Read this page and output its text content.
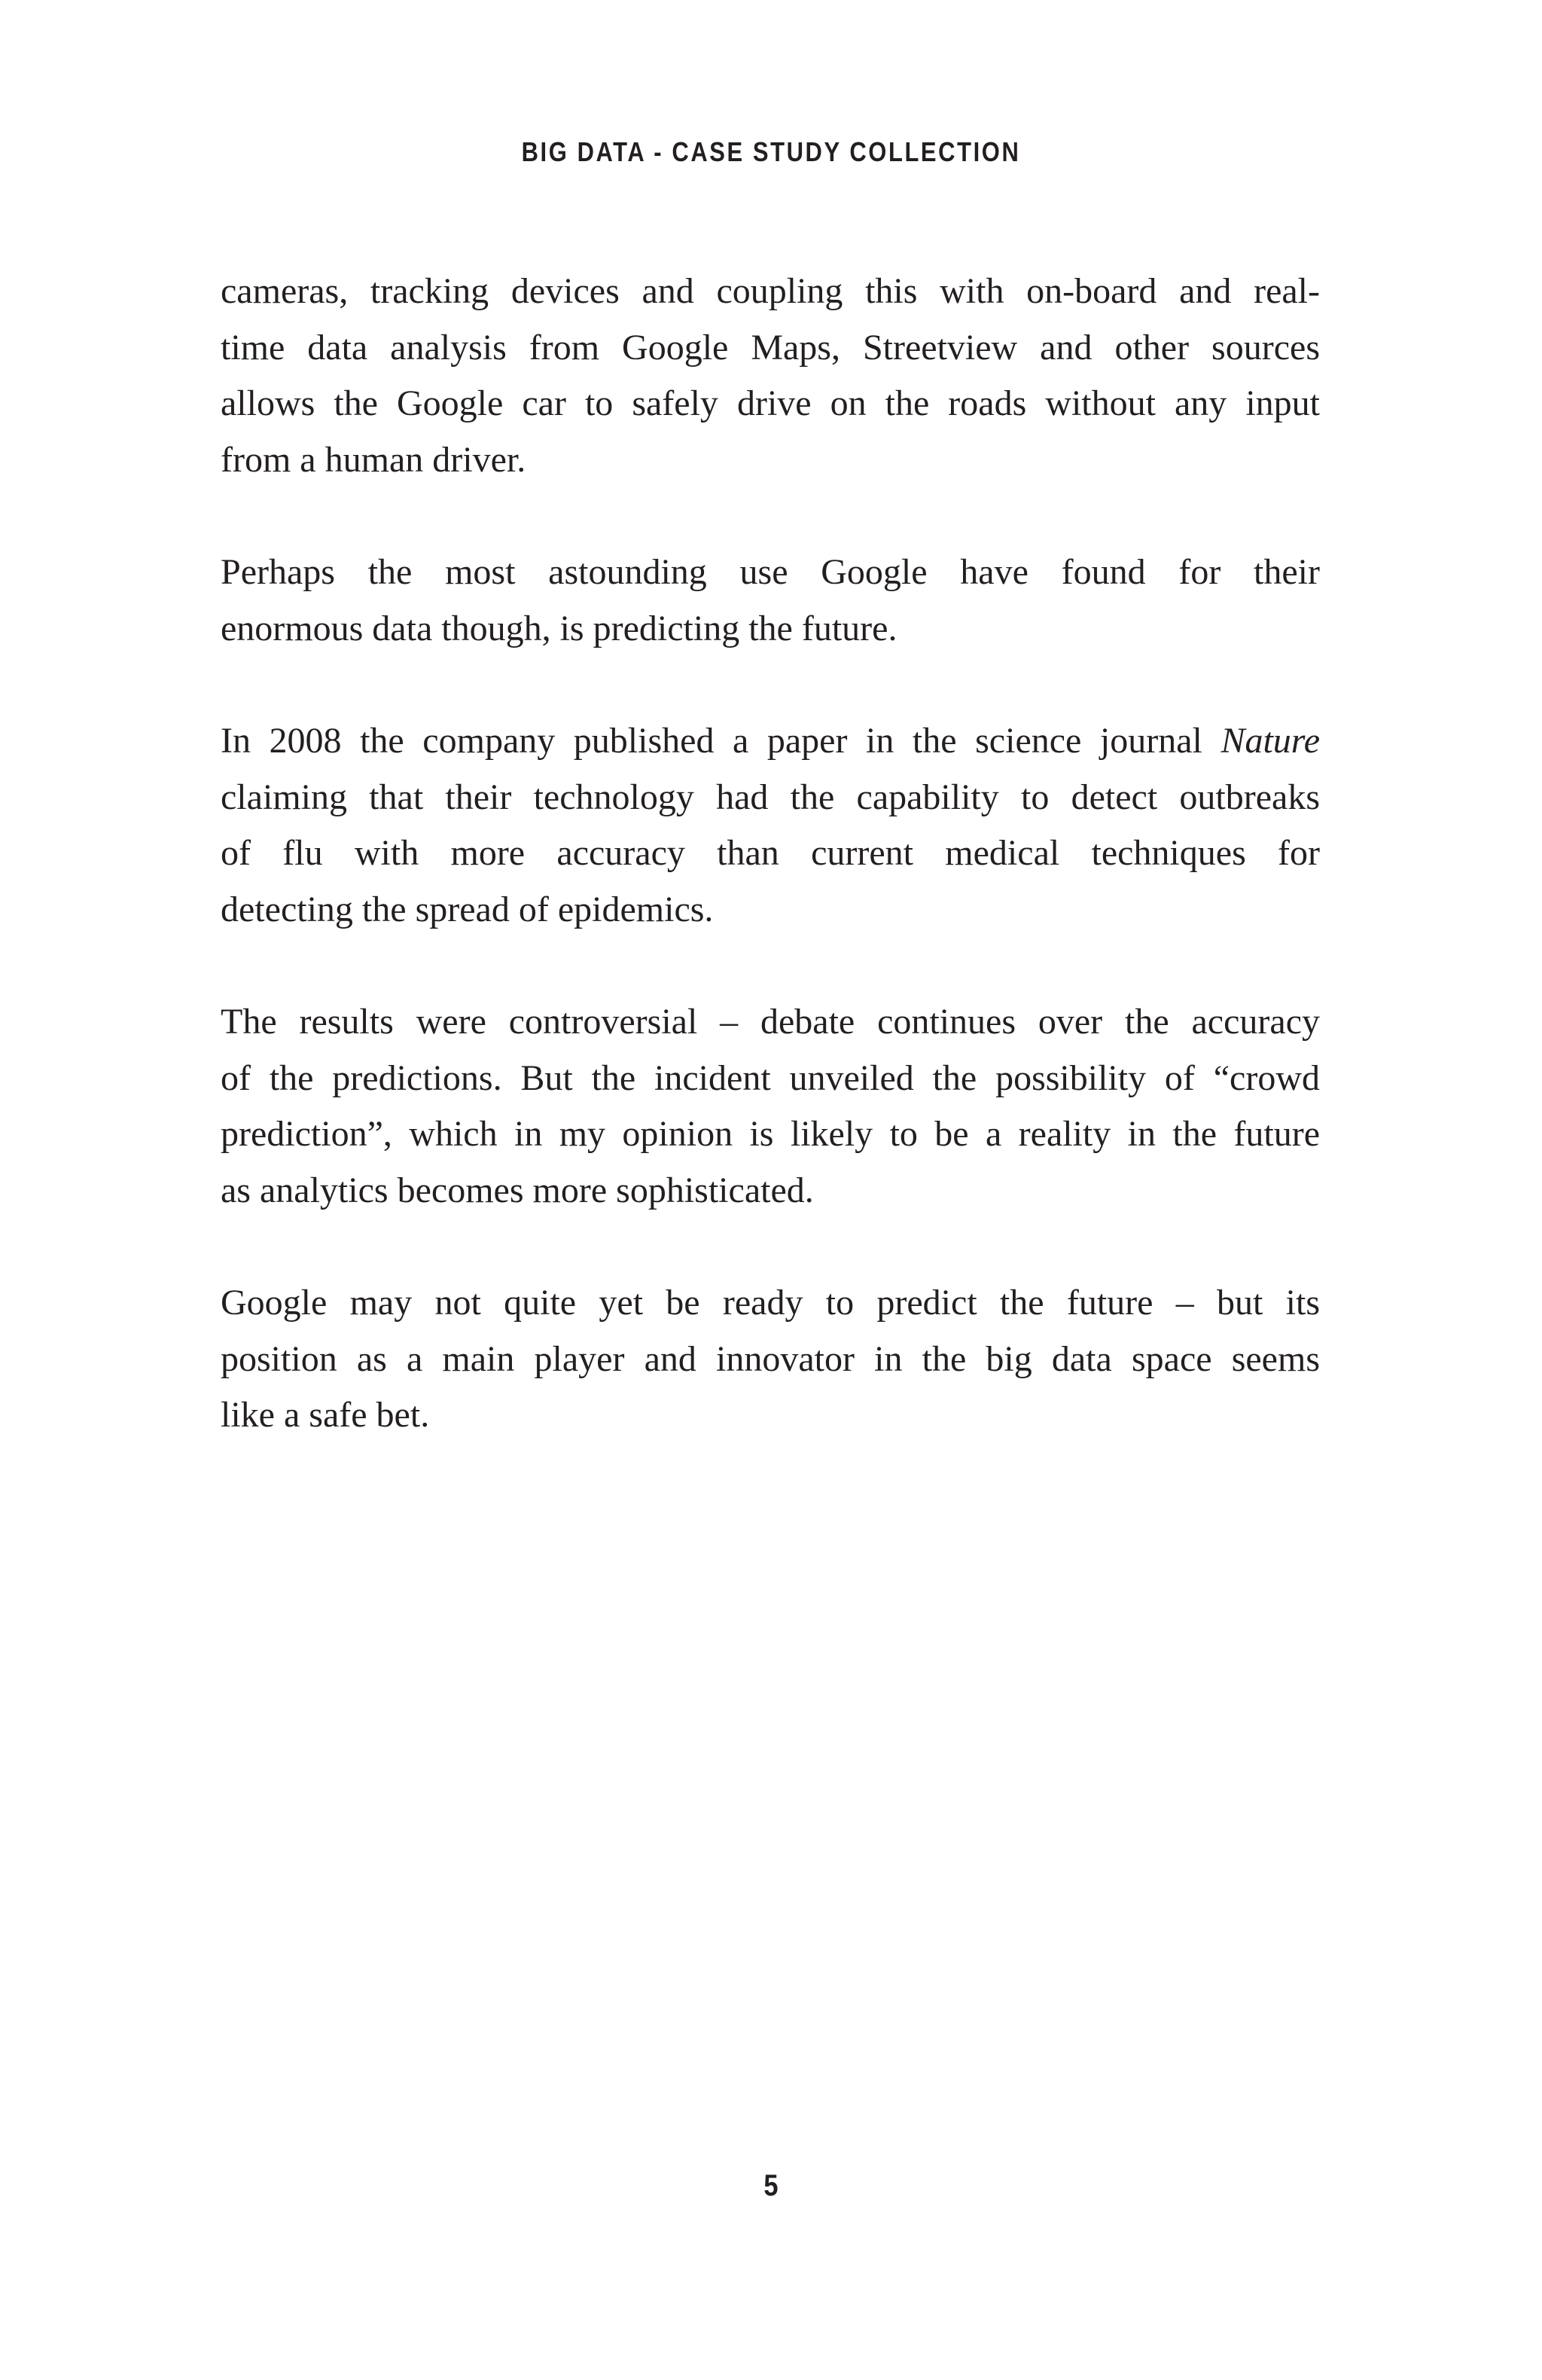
BIG DATA - CASE STUDY COLLECTION

cameras, tracking devices and coupling this with on-board and real-
time data analysis from Google Maps, Streetview and other sources
allows the Google car to safely drive on the roads without any input
from a human driver.

Perhaps the most astounding use Google have found for their
enormous data though, is predicting the future.

In 2008 the company published a paper in the science journal Nature
claiming that their technology had the capability to detect outbreaks
of flu with more accuracy than current medical techniques for
detecting the spread of epidemics.

The results were controversial – debate continues over the accuracy
of the predictions. But the incident unveiled the possibility of “crowd
prediction”, which in my opinion is likely to be a reality in the future
as analytics becomes more sophisticated.

Google may not quite yet be ready to predict the future – but its
position as a main player and innovator in the big data space seems
like a safe bet.

5
